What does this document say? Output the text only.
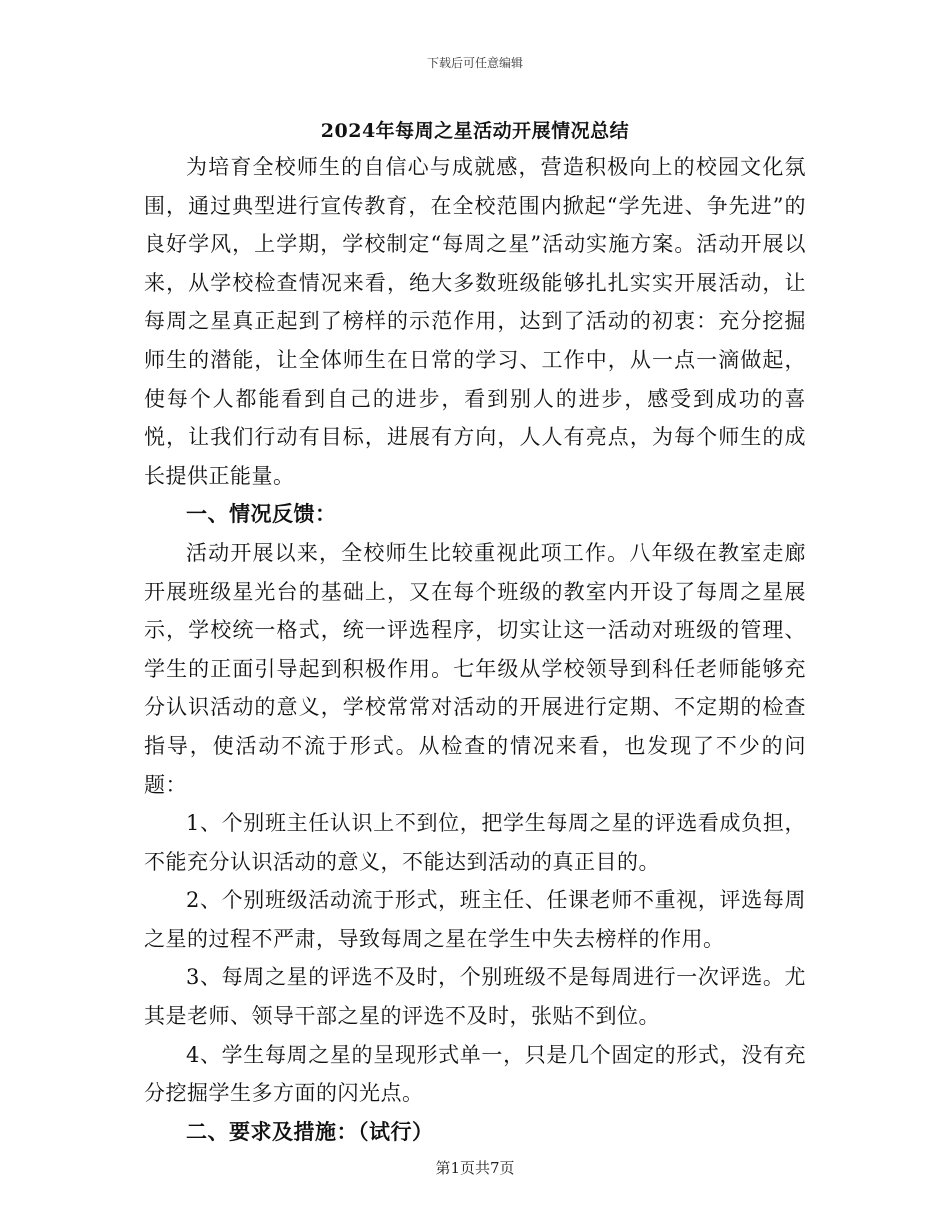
下载后可任意编辑
2024年每周之星活动开展情况总结

为培育全校师生的自信心与成就感，营造积极向上的校园文化氛围，通过典型进行宣传教育，在全校范围内掀起“学先进、争先进”的良好学风，上学期，学校制定“每周之星”活动实施方案。活动开展以来，从学校检查情况来看，绝大多数班级能够扎扎实实开展活动，让每周之星真正起到了榜样的示范作用，达到了活动的初衷：充分挖掘师生的潜能，让全体师生在日常的学习、工作中，从一点一滴做起，使每个人都能看到自己的进步，看到别人的进步，感受到成功的喜悦，让我们行动有目标，进展有方向，人人有亮点，为每个师生的成长提供正能量。

一、情况反馈：

活动开展以来，全校师生比较重视此项工作。八年级在教室走廊开展班级星光台的基础上，又在每个班级的教室内开设了每周之星展示，学校统一格式，统一评选程序，切实让这一活动对班级的管理、学生的正面引导起到积极作用。七年级从学校领导到科任老师能够充分认识活动的意义，学校常常对活动的开展进行定期、不定期的检查指导，使活动不流于形式。从检查的情况来看，也发现了不少的问题：

1、个别班主任认识上不到位，把学生每周之星的评选看成负担，不能充分认识活动的意义，不能达到活动的真正目的。

2、个别班级活动流于形式，班主任、任课老师不重视，评选每周之星的过程不严肃，导致每周之星在学生中失去榜样的作用。

3、每周之星的评选不及时，个别班级不是每周进行一次评选。尤其是老师、领导干部之星的评选不及时，张贴不到位。

4、学生每周之星的呈现形式单一，只是几个固定的形式，没有充分挖掘学生多方面的闪光点。

二、要求及措施：（试行）

第1页共7页
